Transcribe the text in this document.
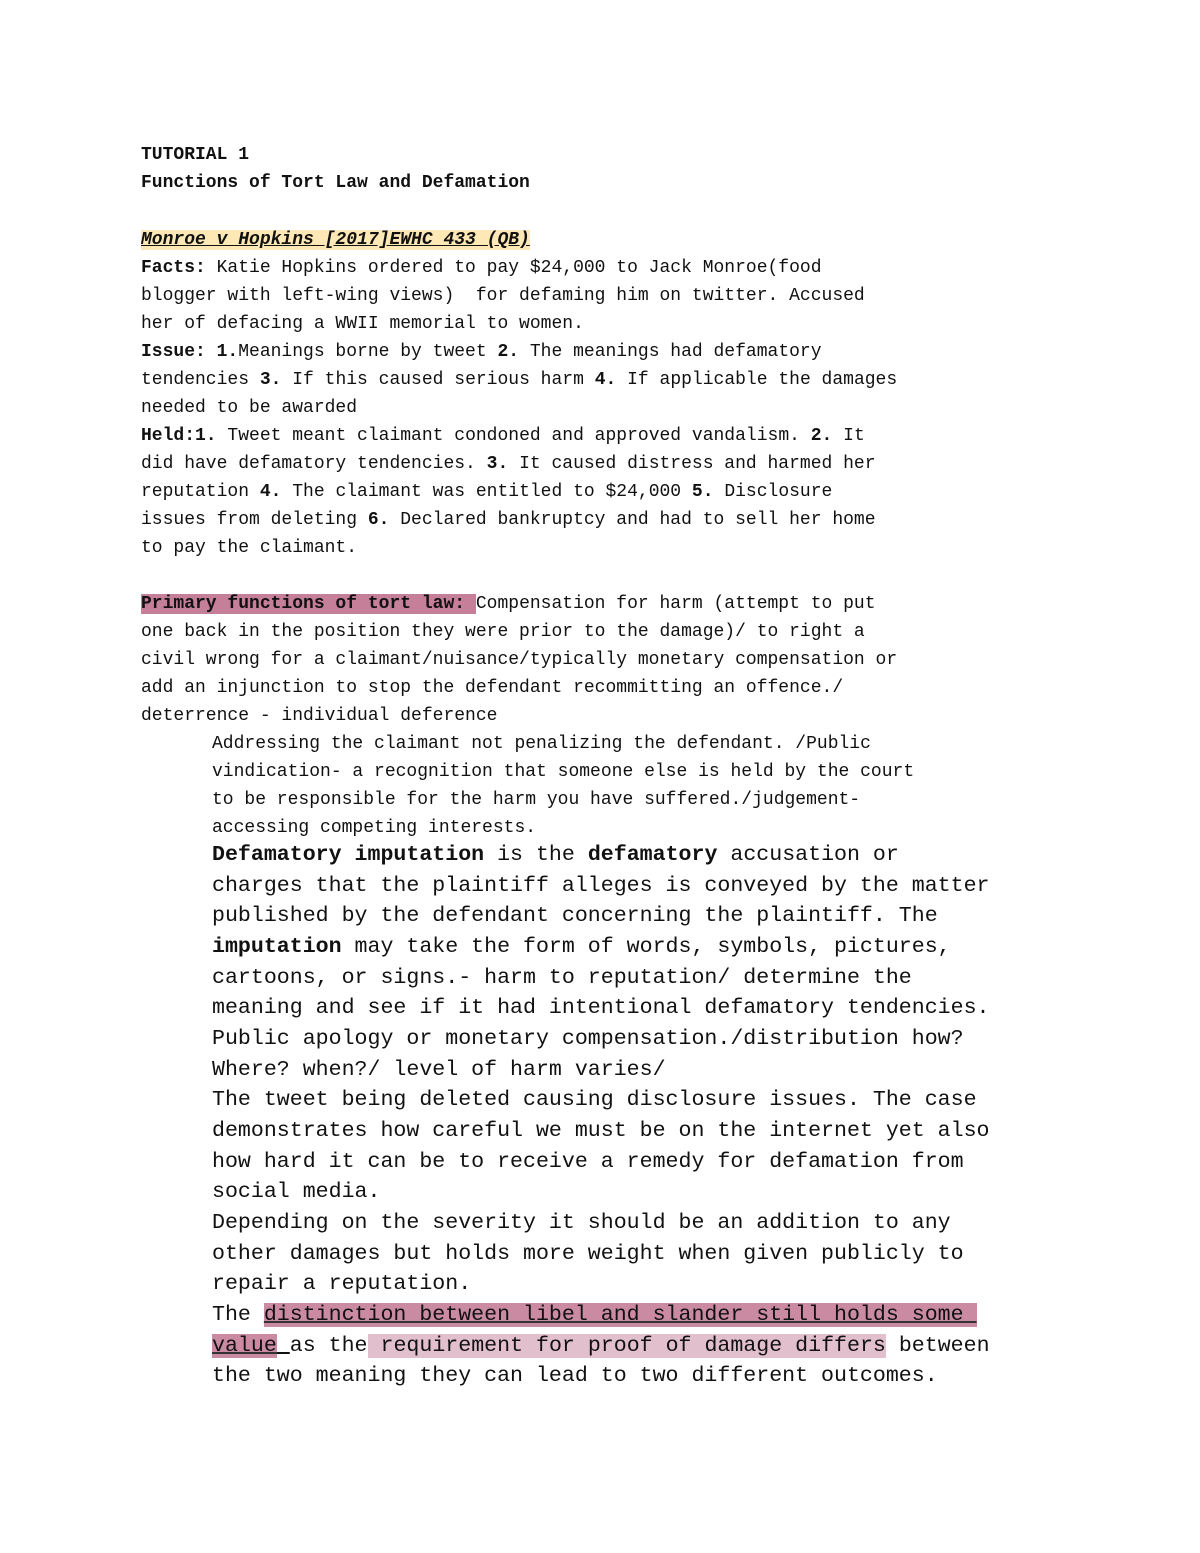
TUTORIAL 1
Functions of Tort Law and Defamation
Monroe v Hopkins [2017]EWHC 433 (QB)
Facts: Katie Hopkins ordered to pay $24,000 to Jack Monroe(food
blogger with left-wing views)  for defaming him on twitter. Accused
her of defacing a WWII memorial to women.
Issue: 1.Meanings borne by tweet 2. The meanings had defamatory
tendencies 3. If this caused serious harm 4. If applicable the damages
needed to be awarded
Held:1. Tweet meant claimant condoned and approved vandalism. 2. It
did have defamatory tendencies. 3. It caused distress and harmed her
reputation 4. The claimant was entitled to $24,000 5. Disclosure
issues from deleting 6. Declared bankruptcy and had to sell her home
to pay the claimant.
Primary functions of tort law: Compensation for harm (attempt to put
one back in the position they were prior to the damage)/ to right a
civil wrong for a claimant/nuisance/typically monetary compensation or
add an injunction to stop the defendant recommitting an offence./
deterrence - individual deference
Addressing the claimant not penalizing the defendant. /Public
vindication- a recognition that someone else is held by the court
to be responsible for the harm you have suffered./judgement-
accessing competing interests.
Defamatory imputation is the defamatory accusation or
charges that the plaintiff alleges is conveyed by the matter
published by the defendant concerning the plaintiff. The
imputation may take the form of words, symbols, pictures,
cartoons, or signs.- harm to reputation/ determine the
meaning and see if it had intentional defamatory tendencies.
Public apology or monetary compensation./distribution how?
Where? when?/ level of harm varies/
The tweet being deleted causing disclosure issues. The case
demonstrates how careful we must be on the internet yet also
how hard it can be to receive a remedy for defamation from
social media.
Depending on the severity it should be an addition to any
other damages but holds more weight when given publicly to
repair a reputation.
The distinction between libel and slander still holds some
value as the requirement for proof of damage differs between
the two meaning they can lead to two different outcomes.
